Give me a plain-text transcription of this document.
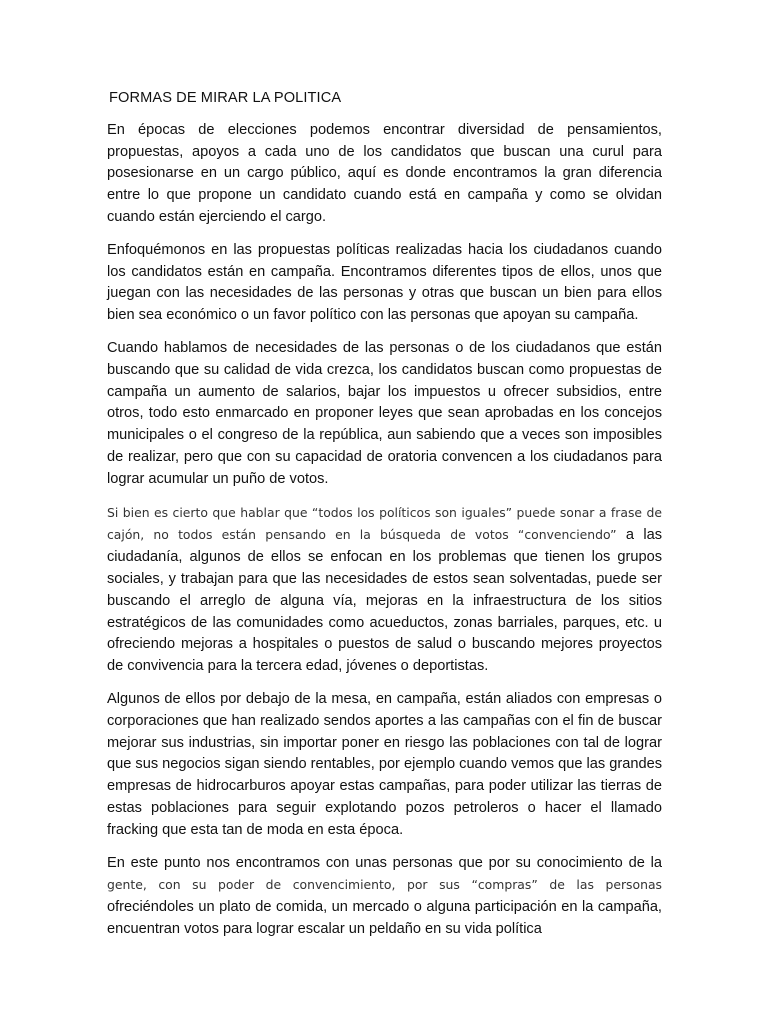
FORMAS DE MIRAR LA POLITICA

En épocas de elecciones podemos encontrar diversidad de pensamientos, propuestas, apoyos a cada uno de los candidatos que buscan una curul para posesionarse en un cargo público, aquí es donde encontramos la gran diferencia entre lo que propone un candidato cuando está en campaña y como se olvidan cuando están ejerciendo el cargo.

Enfoquémonos en las propuestas políticas realizadas hacia los ciudadanos cuando los candidatos están en campaña. Encontramos diferentes tipos de ellos, unos que juegan con las necesidades de las personas y otras que buscan un bien para ellos bien sea económico o un favor político con las personas que apoyan su campaña.

Cuando hablamos de necesidades de las personas o de los ciudadanos que están buscando que su calidad de vida crezca, los candidatos buscan como propuestas de campaña un aumento de salarios, bajar los impuestos u ofrecer subsidios, entre otros, todo esto enmarcado en proponer leyes que sean aprobadas en los concejos municipales o el congreso de la república, aun sabiendo que a veces son imposibles de realizar, pero que con su capacidad de oratoria convencen a los ciudadanos para lograr acumular un puño de votos.

Si bien es cierto que hablar que “todos los políticos son iguales” puede sonar a frase de cajón, no todos están pensando en la búsqueda de votos “convenciendo” a las ciudadanía, algunos de ellos se enfocan en los problemas que tienen los grupos sociales, y trabajan para que las necesidades de estos sean solventadas, puede ser buscando el arreglo de alguna vía, mejoras en la infraestructura de los sitios estratégicos de las comunidades como acueductos, zonas barriales, parques, etc. u ofreciendo mejoras a hospitales o puestos de salud o buscando mejores proyectos de convivencia para la tercera edad, jóvenes o deportistas.

Algunos de ellos por debajo de la mesa, en campaña, están aliados con empresas o corporaciones que han realizado sendos aportes a las campañas con el fin de buscar mejorar sus industrias, sin importar poner en riesgo las poblaciones con tal de lograr que sus negocios sigan siendo rentables, por ejemplo cuando vemos que las grandes empresas de hidrocarburos apoyar estas campañas, para poder utilizar las tierras de estas poblaciones para seguir explotando pozos petroleros o hacer el llamado fracking que esta tan de moda en esta época.

En este punto nos encontramos con unas personas que por su conocimiento de la gente, con su poder de convencimiento, por sus “compras” de las personas ofreciéndoles un plato de comida, un mercado o alguna participación en la campaña, encuentran votos para lograr escalar un peldaño en su vida política
